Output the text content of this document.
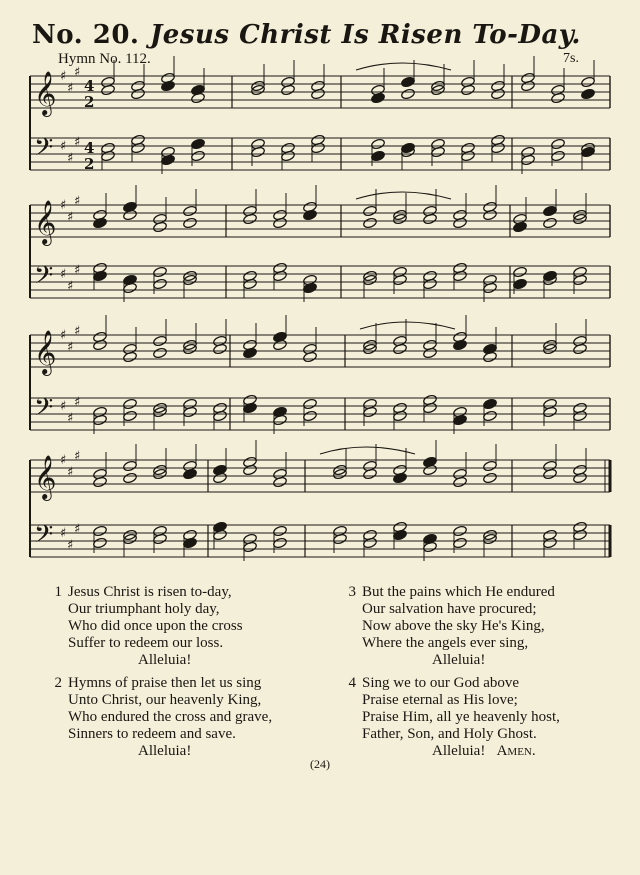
No. 20. Jesus Christ Is Risen To-Day.
Hymn No. 112.	7s.
𝄞 ♯
♯
♯
4
2
𝄢 ♯
♯
♯ 4
2
𝄞 ♯
♯
♯
𝄢 ♯
♯
♯
𝄞 ♯
♯
♯
𝄢 ♯
♯
♯
𝄞 ♯
♯
♯
𝄢 ♯
♯
♯
1 Jesus Christ is risen to-day,
Our triumphant holy day,
Who did once upon the cross
Suffer to redeem our loss.
Alleluia!
2 Hymns of praise then let us sing
Unto Christ, our heavenly King,
Who endured the cross and grave,
Sinners to redeem and save.
Alleluia!
3 But the pains which He endured
Our salvation have procured;
Now above the sky He's King,
Where the angels ever sing,
Alleluia!
4 Sing we to our God above
Praise eternal as His love;
Praise Him, all ye heavenly host,
Father, Son, and Holy Ghost.
Alleluia! Amen.
(24)
